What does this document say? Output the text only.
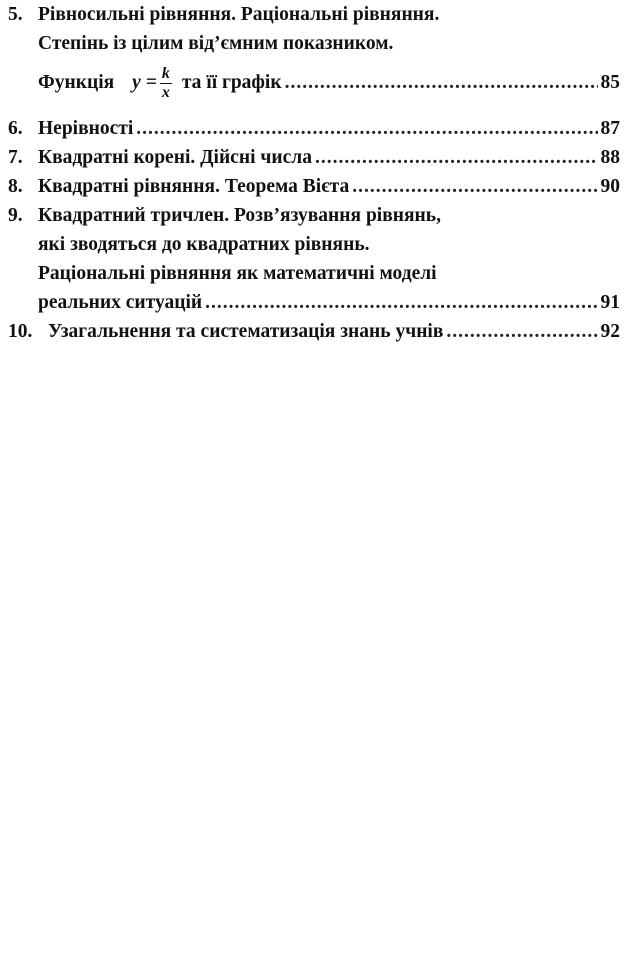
5. Рівносильні рівняння. Раціональні рівняння.
Степінь із цілим від’ємним показником.
Функція $y = \frac{k}{x}$ та її графік .....	85
6. Нерівності .....	87
7. Квадратні корені. Дійсні числа .....	88
8. Квадратні рівняння. Теорема Вієта .....	90
9. Квадратний тричлен. Розв’язування рівнянь,
які зводяться до квадратних рівнянь.
Раціональні рівняння як математичні моделі
реальних ситуацій .....	91
10. Узагальнення та систематизація знань учнів .....	92
